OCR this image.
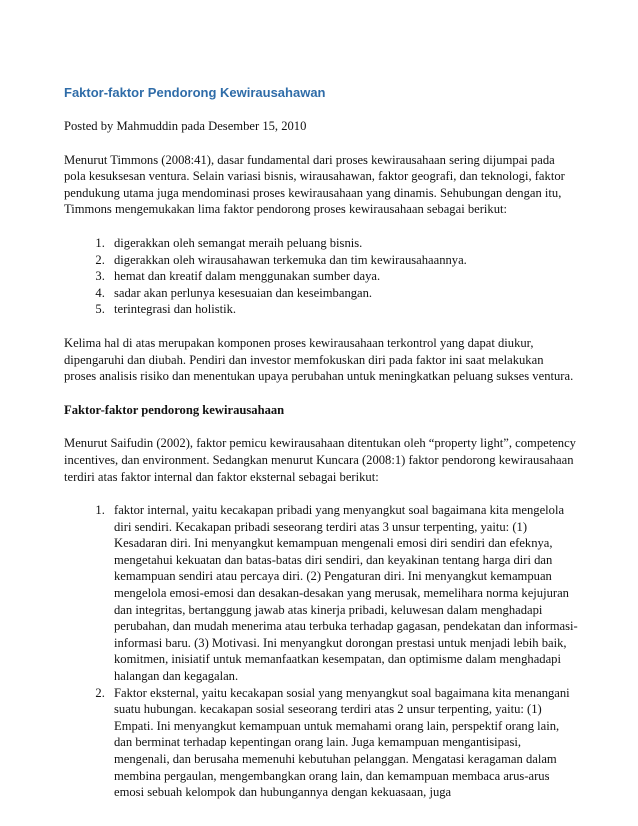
Faktor-faktor Pendorong Kewirausahawan

Posted by Mahmuddin pada Desember 15, 2010

Menurut Timmons (2008:41), dasar fundamental dari proses kewirausahaan sering dijumpai pada pola kesuksesan ventura. Selain variasi bisnis, wirausahawan, faktor geografi, dan teknologi, faktor pendukung utama juga mendominasi proses kewirausahaan yang dinamis. Sehubungan dengan itu, Timmons mengemukakan lima faktor pendorong proses kewirausahaan sebagai berikut:

1. digerakkan oleh semangat meraih peluang bisnis.
2. digerakkan oleh wirausahawan terkemuka dan tim kewirausahaannya.
3. hemat dan kreatif dalam menggunakan sumber daya.
4. sadar akan perlunya kesesuaian dan keseimbangan.
5. terintegrasi dan holistik.

Kelima hal di atas merupakan komponen proses kewirausahaan terkontrol yang dapat diukur, dipengaruhi dan diubah. Pendiri dan investor memfokuskan diri pada faktor ini saat melakukan proses analisis risiko dan menentukan upaya perubahan untuk meningkatkan peluang sukses ventura.

Faktor-faktor pendorong kewirausahaan

Menurut Saifudin (2002), faktor pemicu kewirausahaan ditentukan oleh “property light”, competency incentives, dan environment. Sedangkan menurut Kuncara (2008:1) faktor pendorong kewirausahaan terdiri atas faktor internal dan faktor eksternal sebagai berikut:

1. faktor internal, yaitu kecakapan pribadi yang menyangkut soal bagaimana kita mengelola diri sendiri. Kecakapan pribadi seseorang terdiri atas 3 unsur terpenting, yaitu: (1) Kesadaran diri. Ini menyangkut kemampuan mengenali emosi diri sendiri dan efeknya, mengetahui kekuatan dan batas-batas diri sendiri, dan keyakinan tentang harga diri dan kemampuan sendiri atau percaya diri. (2) Pengaturan diri. Ini menyangkut kemampuan mengelola emosi-emosi dan desakan-desakan yang merusak, memelihara norma kejujuran dan integritas, bertanggung jawab atas kinerja pribadi, keluwesan dalam menghadapi perubahan, dan mudah menerima atau terbuka terhadap gagasan, pendekatan dan informasi-informasi baru. (3) Motivasi. Ini menyangkut dorongan prestasi untuk menjadi lebih baik, komitmen, inisiatif untuk memanfaatkan kesempatan, dan optimisme dalam menghadapi halangan dan kegagalan.
2. Faktor eksternal, yaitu kecakapan sosial yang menyangkut soal bagaimana kita menangani suatu hubungan. kecakapan sosial seseorang terdiri atas 2 unsur terpenting, yaitu: (1) Empati. Ini menyangkut kemampuan untuk memahami orang lain, perspektif orang lain, dan berminat terhadap kepentingan orang lain. Juga kemampuan mengantisipasi, mengenali, dan berusaha memenuhi kebutuhan pelanggan. Mengatasi keragaman dalam membina pergaulan, mengembangkan orang lain, dan kemampuan membaca arus-arus emosi sebuah kelompok dan hubungannya dengan kekuasaan, juga
